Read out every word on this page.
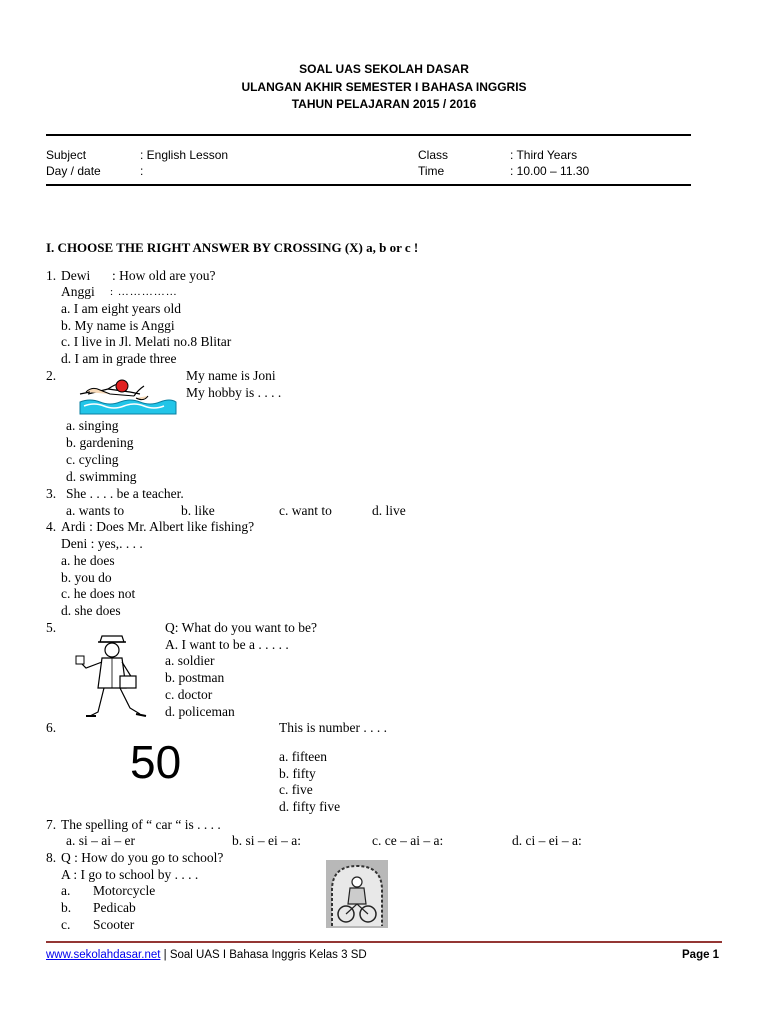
SOAL UAS SEKOLAH DASAR
ULANGAN AKHIR SEMESTER I BAHASA INGGRIS
TAHUN PELAJARAN 2015 / 2016
Subject	: English Lesson	Class	: Third Years
Day / date	:	Time	: 10.00 – 11.30
I. CHOOSE THE RIGHT ANSWER BY CROSSING (X) a, b or c !
1. Dewi : How old are you?
Anggi : ……………
a. I am eight years old
b. My name is Anggi
c. I live in Jl. Melati no.8 Blitar
d. I am in grade three
2.	My name is Joni
My hobby is . . . .
a. singing
b. gardening
c. cycling
d. swimming
3. She . . . . be a teacher.
a. wants to	b. like	c. want to	d. live
4. Ardi : Does Mr. Albert like fishing?
Deni : yes,. . . .
a. he does
b. you do
c. he does not
d. she does
5.	Q: What do you want to be?
A. I want to be a . . . . .
a. soldier
b. postman
c. doctor
d. policeman
6.	This is number . . . .
50	a. fifteen
b. fifty
c. five
d. fifty five
7. The spelling of “ car “ is . . . .
a. si – ai – er	b. si – ei – a:	c. ce – ai – a:	d. ci – ei – a:
8. Q : How do you go to school?
A : I go to school by . . . .
a. Motorcycle
b. Pedicab
c. Scooter
www.sekolahdasar.net | Soal UAS I Bahasa Inggris Kelas 3 SD	Page 1
